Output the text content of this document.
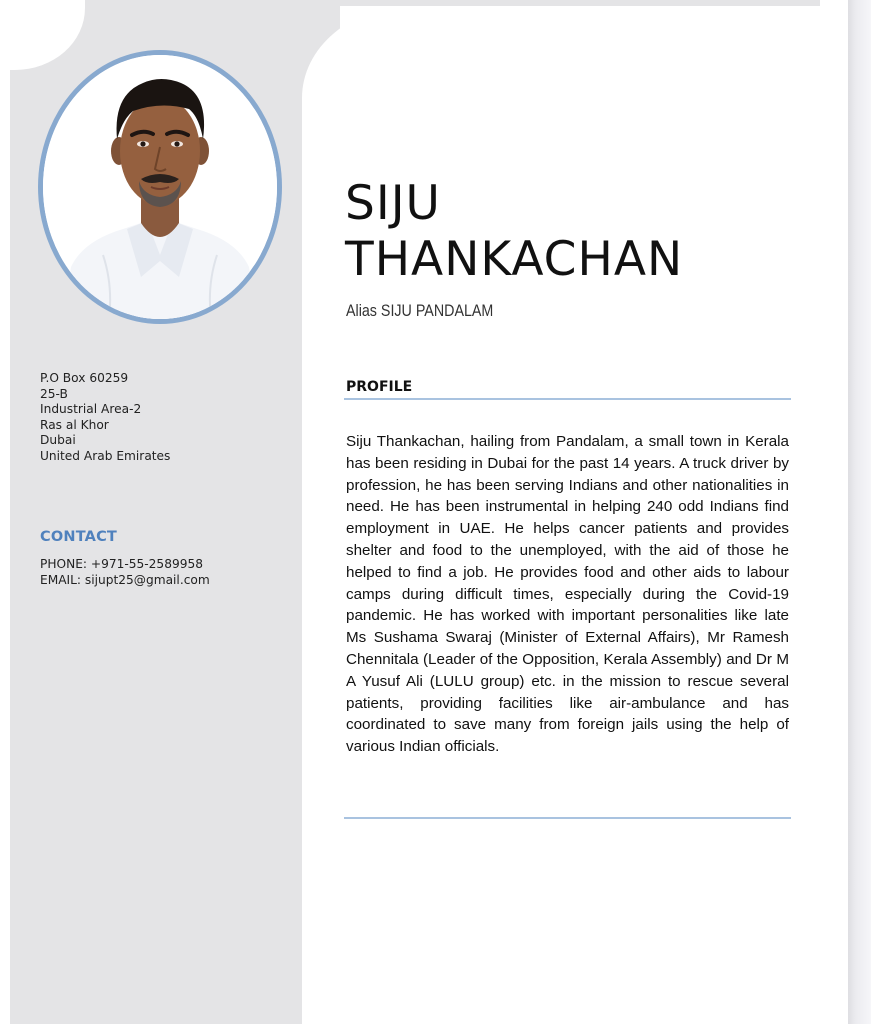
P.O Box 60259
25-B
Industrial Area-2
Ras al Khor
Dubai
United Arab Emirates
CONTACT
PHONE: +971-55-2589958
EMAIL: sijupt25@gmail.com
SIJU
THANKACHAN
Alias SIJU PANDALAM
PROFILE
Siju Thankachan, hailing from Pandalam, a small town in Kerala has been residing in Dubai for the past 14 years. A truck driver by profession, he has been serving Indians and other nationalities in need. He has been instrumental in helping 240 odd Indians find employment in UAE. He helps cancer patients and provides shelter and food to the unemployed, with the aid of those he helped to find a job. He provides food and other aids to labour camps during difficult times, especially during the Covid-19 pandemic. He has worked with important personalities like late Ms Sushama Swaraj (Minister of External Affairs), Mr Ramesh Chennitala (Leader of the Opposition, Kerala Assembly) and Dr M A Yusuf Ali (LULU group) etc. in the mission to rescue several patients, providing facilities like air-ambulance and has coordinated to save many from foreign jails using the help of various Indian officials.
